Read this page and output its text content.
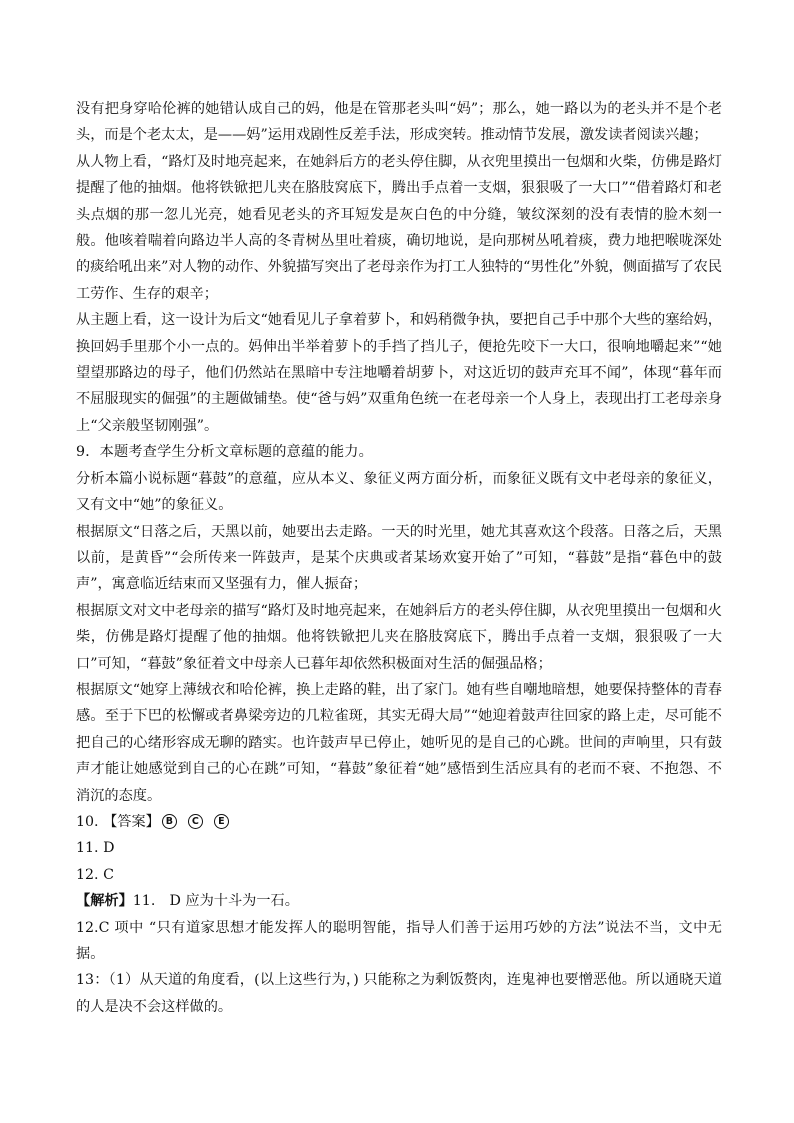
没有把身穿哈伦裤的她错认成自己的妈，他是在管那老头叫“妈”；那么，她一路以为的老头并不是个老头，而是个老太太，是——妈”运用戏剧性反差手法，形成突转。推动情节发展，激发读者阅读兴趣；

从人物上看，“路灯及时地亮起来，在她斜后方的老头停住脚，从衣兜里摸出一包烟和火柴，仿佛是路灯提醒了他的抽烟。他将铁锨把儿夹在胳肢窝底下，腾出手点着一支烟，狠狠吸了一大口”“借着路灯和老头点烟的那一忽儿光亮，她看见老头的齐耳短发是灰白色的中分缝，皱纹深刻的没有表情的脸木刻一般。他咳着喘着向路边半人高的冬青树丛里吐着痰，确切地说，是向那树丛吼着痰，费力地把喉咙深处的痰给吼出来”对人物的动作、外貌描写突出了老母亲作为打工人独特的“男性化”外貌，侧面描写了农民工劳作、生存的艰辛；

从主题上看，这一设计为后文“她看见儿子拿着萝卜，和妈稍微争执，要把自己手中那个大些的塞给妈，换回妈手里那个小一点的。妈伸出半举着萝卜的手挡了挡儿子，便抢先咬下一大口，很响地嚼起来”“她望望那路边的母子，他们仍然站在黑暗中专注地嚼着胡萝卜，对这近切的鼓声充耳不闻”，体现“暮年而不屈服现实的倔强”的主题做铺垫。使“爸与妈”双重角色统一在老母亲一个人身上，表现出打工老母亲身上“父亲般坚韧刚强”。

9．本题考查学生分析文章标题的意蕴的能力。

分析本篇小说标题“暮鼓”的意蕴，应从本义、象征义两方面分析，而象征义既有文中老母亲的象征义，又有文中“她”的象征义。

根据原文“日落之后，天黑以前，她要出去走路。一天的时光里，她尤其喜欢这个段落。日落之后，天黑以前，是黄昏”“会所传来一阵鼓声，是某个庆典或者某场欢宴开始了”可知，“暮鼓”是指“暮色中的鼓声”，寓意临近结束而又坚强有力，催人振奋；

根据原文对文中老母亲的描写“路灯及时地亮起来，在她斜后方的老头停住脚，从衣兜里摸出一包烟和火柴，仿佛是路灯提醒了他的抽烟。他将铁锨把儿夹在胳肢窝底下，腾出手点着一支烟，狠狠吸了一大口”可知，“暮鼓”象征着文中母亲人已暮年却依然积极面对生活的倔强品格；

根据原文“她穿上薄绒衣和哈伦裤，换上走路的鞋，出了家门。她有些自嘲地暗想，她要保持整体的青春感。至于下巴的松懈或者鼻梁旁边的几粒雀斑，其实无碍大局”“她迎着鼓声往回家的路上走，尽可能不把自己的心绪形容成无聊的踏实。也许鼓声早已停止，她听见的是自己的心跳。世间的声响里，只有鼓声才能让她感觉到自己的心在跳”可知，“暮鼓”象征着“她”感悟到生活应具有的老而不衰、不抱怨、不消沉的态度。

10. 【答案】 B C E

11. D

12. C

【解析】11.　D 应为十斗为一石。

12.C 项中 “只有道家思想才能发挥人的聪明智能，指导人们善于运用巧妙的方法”说法不当，文中无据。

13：（1）从天道的角度看，(以上这些行为，) 只能称之为剩饭赘肉，连鬼神也要憎恶他。所以通晓天道的人是决不会这样做的。
